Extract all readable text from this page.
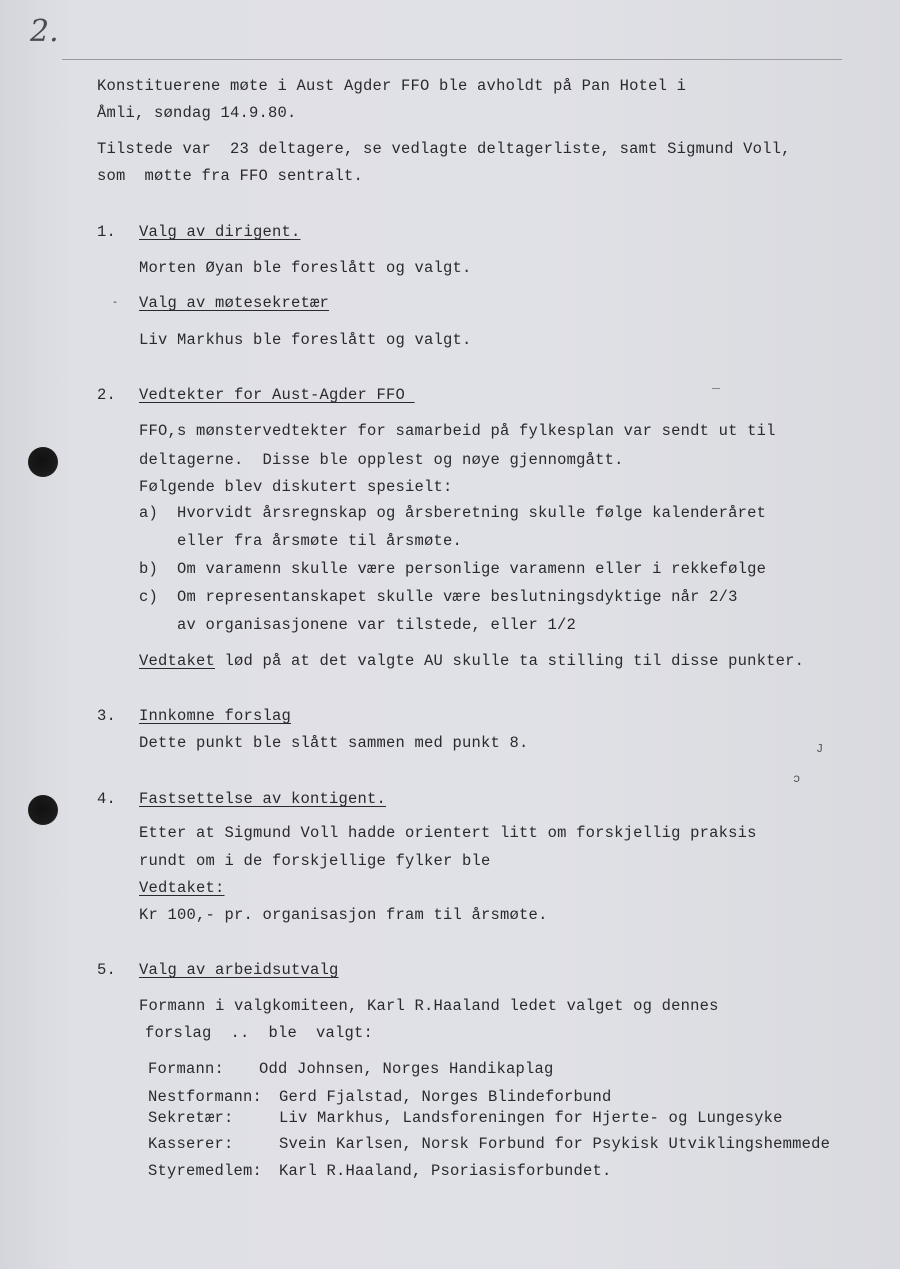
2.
J
ɔ
Konstituerene møte i Aust Agder FFO ble avholdt på Pan Hotel i
Åmli, søndag 14.9.80.
Tilstede var  23 deltagere, se vedlagte deltagerliste, samt Sigmund Voll,
som  møtte fra FFO sentralt.
1. Valg av dirigent.
Morten Øyan ble foreslått og valgt.
- Valg av møtesekretær
Liv Markhus ble foreslått og valgt.
2. Vedtekter for Aust-Agder FFO
FFO,s mønstervedtekter for samarbeid på fylkesplan var sendt ut til
deltagerne.  Disse ble opplest og nøye gjennomgått.
Følgende blev diskutert spesielt:
a) Hvorvidt årsregnskap og årsberetning skulle følge kalenderåret
eller fra årsmøte til årsmøte.
b) Om varamenn skulle være personlige varamenn eller i rekkefølge
c) Om representanskapet skulle være beslutningsdyktige når 2/3
av organisasjonene var tilstede, eller 1/2
Vedtaket lød på at det valgte AU skulle ta stilling til disse punkter.
3. Innkomne forslag
Dette punkt ble slått sammen med punkt 8.
4. Fastsettelse av kontigent.
Etter at Sigmund Voll hadde orientert litt om forskjellig praksis
rundt om i de forskjellige fylker ble
Vedtaket:
Kr 100,- pr. organisasjon fram til årsmøte.
5. Valg av arbeidsutvalg
Formann i valgkomiteen, Karl R.Haaland ledet valget og dennes
forslag  ..  ble  valgt:
Formann: Odd Johnsen, Norges Handikaplag
Nestformann: Gerd Fjalstad, Norges Blindeforbund
Sekretær:	Liv Markhus, Landsforeningen for Hjerte- og Lungesyke
Kasserer:	Svein Karlsen, Norsk Forbund for Psykisk Utviklingshemmede
Styremedlem: Karl R.Haaland, Psoriasisforbundet.
